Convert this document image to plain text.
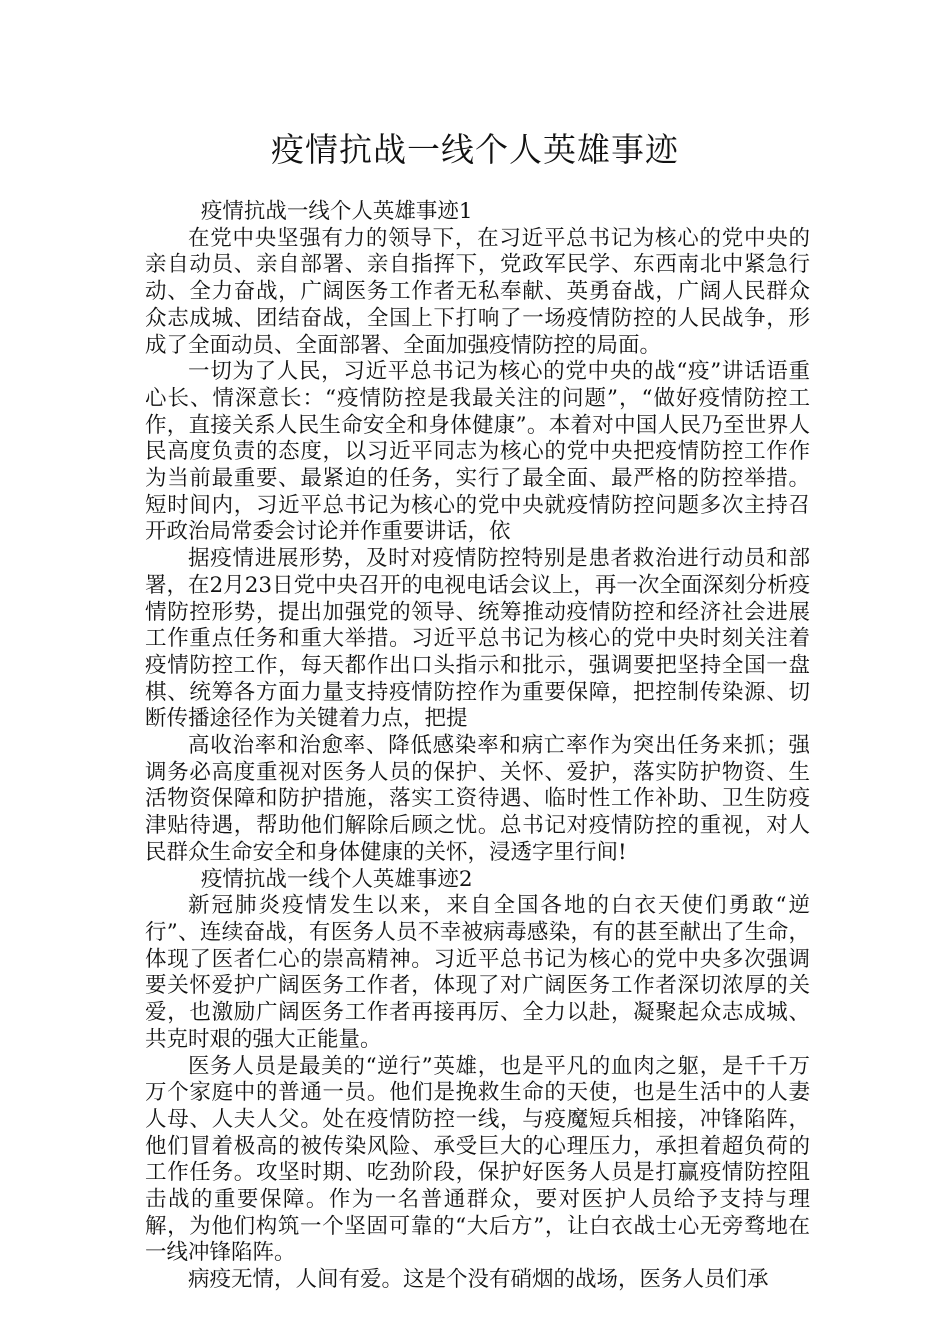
疫情抗战一线个人英雄事迹

疫情抗战一线个人英雄事迹1

在党中央坚强有力的领导下，在习近平总书记为核心的党中央的亲自动员、亲自部署、亲自指挥下，党政军民学、东西南北中紧急行动、全力奋战，广阔医务工作者无私奉献、英勇奋战，广阔人民群众众志成城、团结奋战，全国上下打响了一场疫情防控的人民战争，形成了全面动员、全面部署、全面加强疫情防控的局面。

一切为了人民，习近平总书记为核心的党中央的战“疫”讲话语重心长、情深意长：“疫情防控是我最关注的问题”，“做好疫情防控工作，直接关系人民生命安全和身体健康”。本着对中国人民乃至世界人民高度负责的态度，以习近平同志为核心的党中央把疫情防控工作作为当前最重要、最紧迫的任务，实行了最全面、最严格的防控举措。短时间内，习近平总书记为核心的党中央就疫情防控问题多次主持召开政治局常委会讨论并作重要讲话，依

据疫情进展形势，及时对疫情防控特别是患者救治进行动员和部署，在2月23日党中央召开的电视电话会议上，再一次全面深刻分析疫情防控形势，提出加强党的领导、统筹推动疫情防控和经济社会进展工作重点任务和重大举措。习近平总书记为核心的党中央时刻关注着疫情防控工作，每天都作出口头指示和批示，强调要把坚持全国一盘棋、统筹各方面力量支持疫情防控作为重要保障，把控制传染源、切断传播途径作为关键着力点，把提

高收治率和治愈率、降低感染率和病亡率作为突出任务来抓；强调务必高度重视对医务人员的保护、关怀、爱护，落实防护物资、生活物资保障和防护措施，落实工资待遇、临时性工作补助、卫生防疫津贴待遇，帮助他们解除后顾之忧。总书记对疫情防控的重视，对人民群众生命安全和身体健康的关怀，浸透字里行间!

疫情抗战一线个人英雄事迹2

新冠肺炎疫情发生以来，来自全国各地的白衣天使们勇敢“逆行”、连续奋战，有医务人员不幸被病毒感染，有的甚至献出了生命，体现了医者仁心的崇高精神。习近平总书记为核心的党中央多次强调要关怀爱护广阔医务工作者，体现了对广阔医务工作者深切浓厚的关爱，也激励广阔医务工作者再接再厉、全力以赴，凝聚起众志成城、共克时艰的强大正能量。

医务人员是最美的“逆行”英雄，也是平凡的血肉之躯，是千千万万个家庭中的普通一员。他们是挽救生命的天使，也是生活中的人妻人母、人夫人父。处在疫情防控一线，与疫魔短兵相接，冲锋陷阵，他们冒着极高的被传染风险、承受巨大的心理压力，承担着超负荷的工作任务。攻坚时期、吃劲阶段，保护好医务人员是打赢疫情防控阻击战的重要保障。作为一名普通群众，要对医护人员给予支持与理解，为他们构筑一个坚固可靠的“大后方”，让白衣战士心无旁骛地在一线冲锋陷阵。

病疫无情，人间有爱。这是个没有硝烟的战场，医务人员们承
